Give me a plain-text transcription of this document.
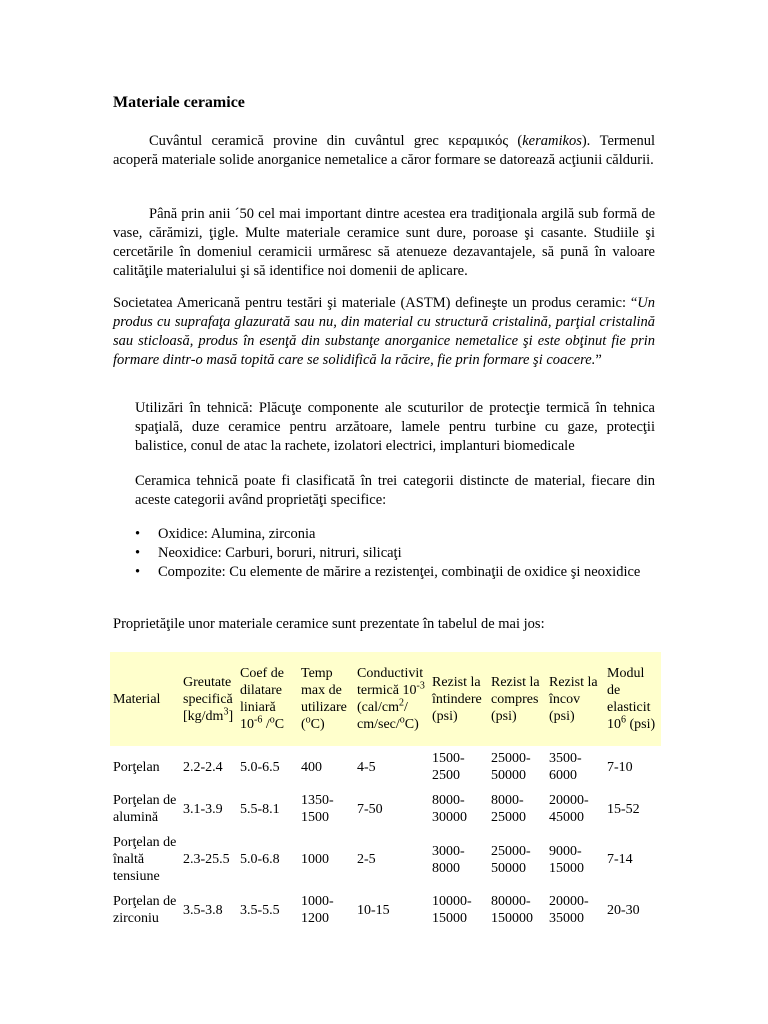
Materiale ceramice

Cuvântul ceramică provine din cuvântul grec κεραμικός (keramikos). Termenul acoperă materiale solide anorganice nemetalice a căror formare se datorează acţiunii căldurii.

Până prin anii ´50 cel mai important dintre acestea era tradiţionala argilă sub formă de vase, cărămizi, ţigle. Multe materiale ceramice sunt dure, poroase şi casante. Studiile şi cercetările în domeniul ceramicii urmăresc să atenueze dezavantajele, să pună în valoare calităţile materialului şi să identifice noi domenii de aplicare.

Societatea Americană pentru testări şi materiale (ASTM) defineşte un produs ceramic: “Un produs cu suprafaţa glazurată sau nu, din material cu structură cristalină, parţial cristalină sau sticloasă, produs în esenţă din substanţe anorganice nemetalice şi este obţinut fie prin formare dintr-o masă topită care se solidifică la răcire, fie prin formare şi coacere.”

Utilizări în tehnică: Plăcuţe componente ale scuturilor de protecţie termică în tehnica spaţială, duze ceramice pentru arzătoare, lamele pentru turbine cu gaze, protecţii balistice, conul de atac la rachete, izolatori electrici, implanturi biomedicale

Ceramica tehnică poate fi clasificată în trei categorii distincte de material, fiecare din aceste categorii având proprietăţi specifice:

• Oxidice: Alumina, zirconia
• Neoxidice: Carburi, boruri, nitruri, silicaţi
• Compozite: Cu elemente de mărire a rezistenţei, combinaţii de oxidice şi neoxidice

Proprietăţile unor materiale ceramice sunt prezentate în tabelul de mai jos:

Material	Greutate specifică $[kg/dm^3]$	Coef de dilatare liniară $10^{-6}$ /$^o$C	Temp max de utilizare ($^o$C)	Conductivit termică $10^{-3}$ ($cal/cm^2/$ cm/sec/$^o$C)	Rezist la întindere (psi)	Rezist la compres (psi)	Rezist la încov (psi)	Modul de elasticit $10^6$ (psi)
Porţelan	2.2-2.4	5.0-6.5	400	4-5	1500-2500	25000-50000	3500-6000	7-10
Porţelan de alumină	3.1-3.9	5.5-8.1	1350-1500	7-50	8000-30000	8000-25000	20000-45000	15-52
Porţelan de înaltă tensiune	2.3-25.5	5.0-6.8	1000	2-5	3000-8000	25000-50000	9000-15000	7-14
Porţelan de zirconiu	3.5-3.8	3.5-5.5	1000-1200	10-15	10000-15000	80000-150000	20000-35000	20-30
